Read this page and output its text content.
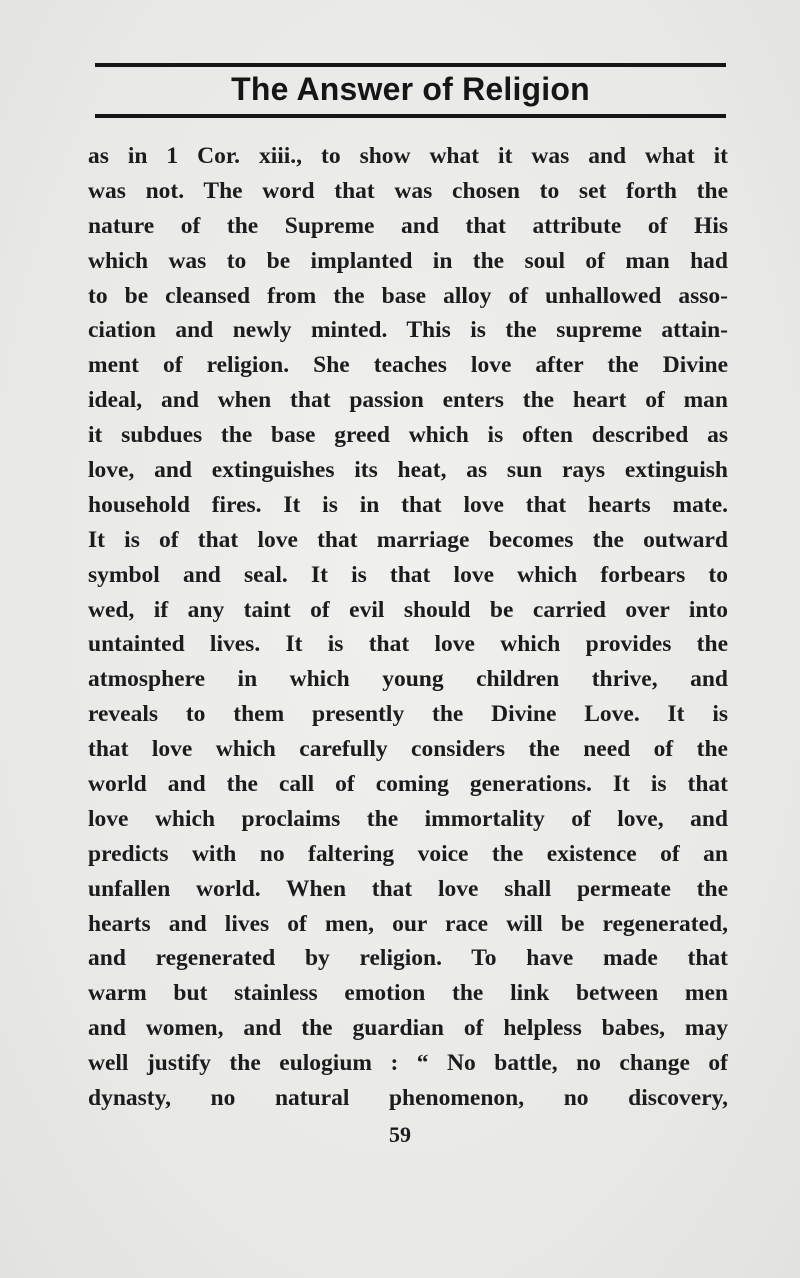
The Answer of Religion
as in 1 Cor. xiii., to show what it was and what it
was not. The word that was chosen to set forth the
nature of the Supreme and that attribute of His
which was to be implanted in the soul of man had
to be cleansed from the base alloy of unhallowed asso-
ciation and newly minted. This is the supreme attain-
ment of religion. She teaches love after the Divine
ideal, and when that passion enters the heart of man
it subdues the base greed which is often described as
love, and extinguishes its heat, as sun rays extinguish
household fires. It is in that love that hearts mate.
It is of that love that marriage becomes the outward
symbol and seal. It is that love which forbears to
wed, if any taint of evil should be carried over into
untainted lives. It is that love which provides the
atmosphere in which young children thrive, and
reveals to them presently the Divine Love. It is
that love which carefully considers the need of the
world and the call of coming generations. It is that
love which proclaims the immortality of love, and
predicts with no faltering voice the existence of an
unfallen world. When that love shall permeate the
hearts and lives of men, our race will be regenerated,
and regenerated by religion. To have made that
warm but stainless emotion the link between men
and women, and the guardian of helpless babes, may
well justify the eulogium : “ No battle, no change of
dynasty, no natural phenomenon, no discovery,
59
